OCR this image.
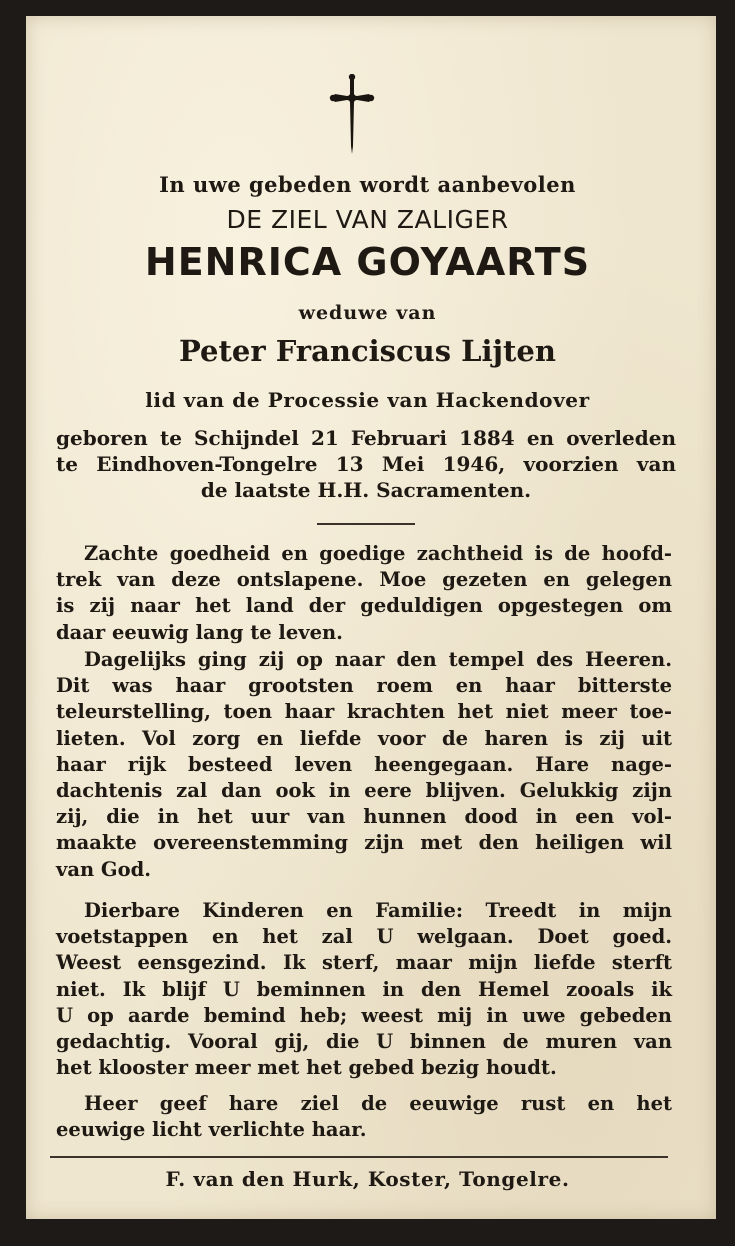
In uwe gebeden wordt aanbevolen
DE ZIEL VAN ZALIGER
HENRICA GOYAARTS
weduwe van
Peter Franciscus Lijten
lid van de Processie van Hackendover
geboren te Schijndel 21 Februari 1884 en overleden
te Eindhoven-Tongelre 13 Mei 1946, voorzien van
de laatste H.H. Sacramenten.
Zachte goedheid en goedige zachtheid is de hoofd-
trek van deze ontslapene. Moe gezeten en gelegen
is zij naar het land der geduldigen opgestegen om
daar eeuwig lang te leven.
Dagelijks ging zij op naar den tempel des Heeren.
Dit was haar grootsten roem en haar bitterste
teleurstelling, toen haar krachten het niet meer toe-
lieten. Vol zorg en liefde voor de haren is zij uit
haar rijk besteed leven heengegaan. Hare nage-
dachtenis zal dan ook in eere blijven. Gelukkig zijn
zij, die in het uur van hunnen dood in een vol-
maakte overeenstemming zijn met den heiligen wil
van God.
Dierbare Kinderen en Familie: Treedt in mijn
voetstappen en het zal U welgaan. Doet goed.
Weest eensgezind. Ik sterf, maar mijn liefde sterft
niet. Ik blijf U beminnen in den Hemel zooals ik
U op aarde bemind heb; weest mij in uwe gebeden
gedachtig. Vooral gij, die U binnen de muren van
het klooster meer met het gebed bezig houdt.
Heer geef hare ziel de eeuwige rust en het
eeuwige licht verlichte haar.
F. van den Hurk, Koster, Tongelre.
